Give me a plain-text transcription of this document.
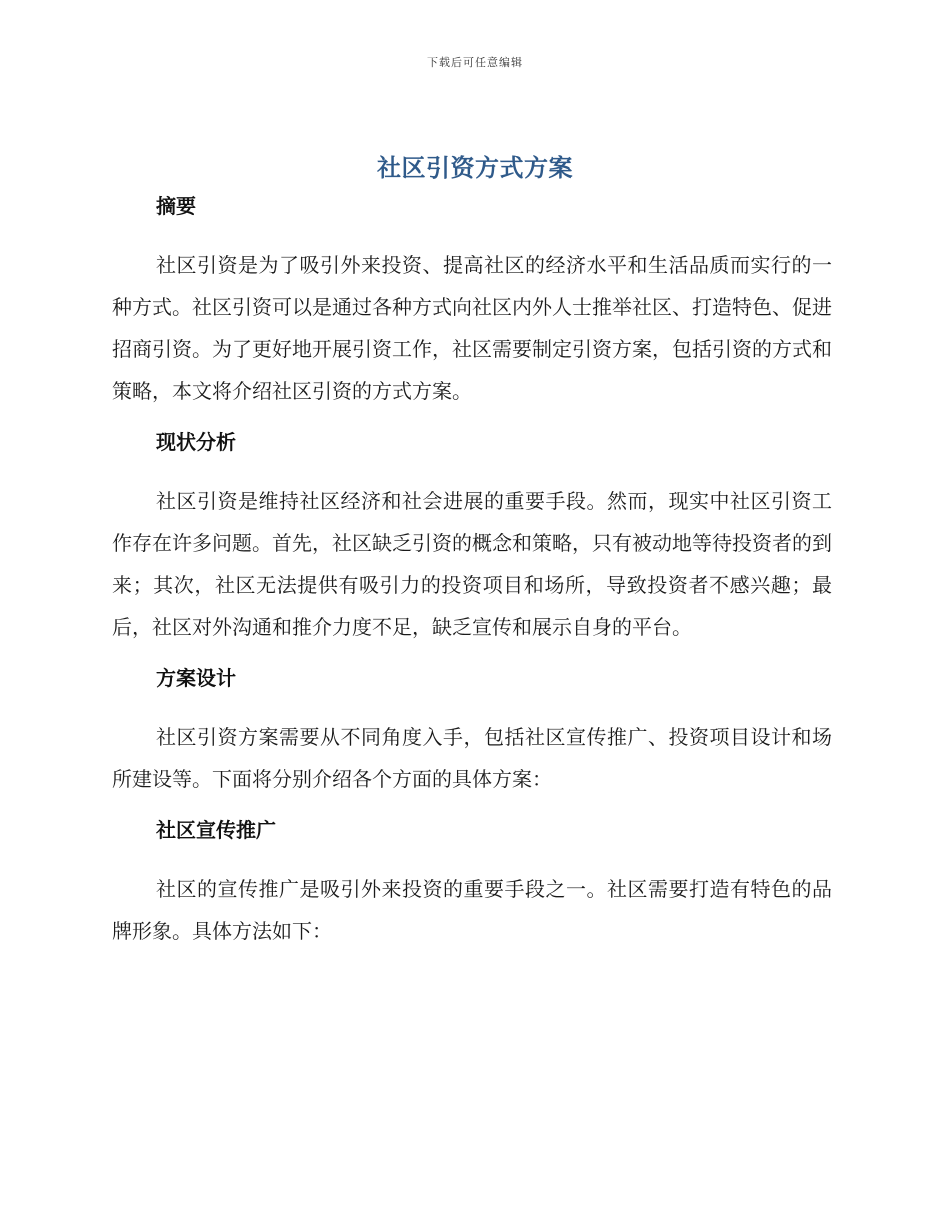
下载后可任意编辑
社区引资方式方案
摘要

社区引资是为了吸引外来投资、提高社区的经济水平和生活品质而实行的一种方式。社区引资可以是通过各种方式向社区内外人士推举社区、打造特色、促进招商引资。为了更好地开展引资工作，社区需要制定引资方案，包括引资的方式和策略，本文将介绍社区引资的方式方案。

现状分析

社区引资是维持社区经济和社会进展的重要手段。然而，现实中社区引资工作存在许多问题。首先，社区缺乏引资的概念和策略，只有被动地等待投资者的到来；其次，社区无法提供有吸引力的投资项目和场所，导致投资者不感兴趣；最后，社区对外沟通和推介力度不足，缺乏宣传和展示自身的平台。

方案设计

社区引资方案需要从不同角度入手，包括社区宣传推广、投资项目设计和场所建设等。下面将分别介绍各个方面的具体方案：

社区宣传推广

社区的宣传推广是吸引外来投资的重要手段之一。社区需要打造有特色的品牌形象。具体方法如下：
